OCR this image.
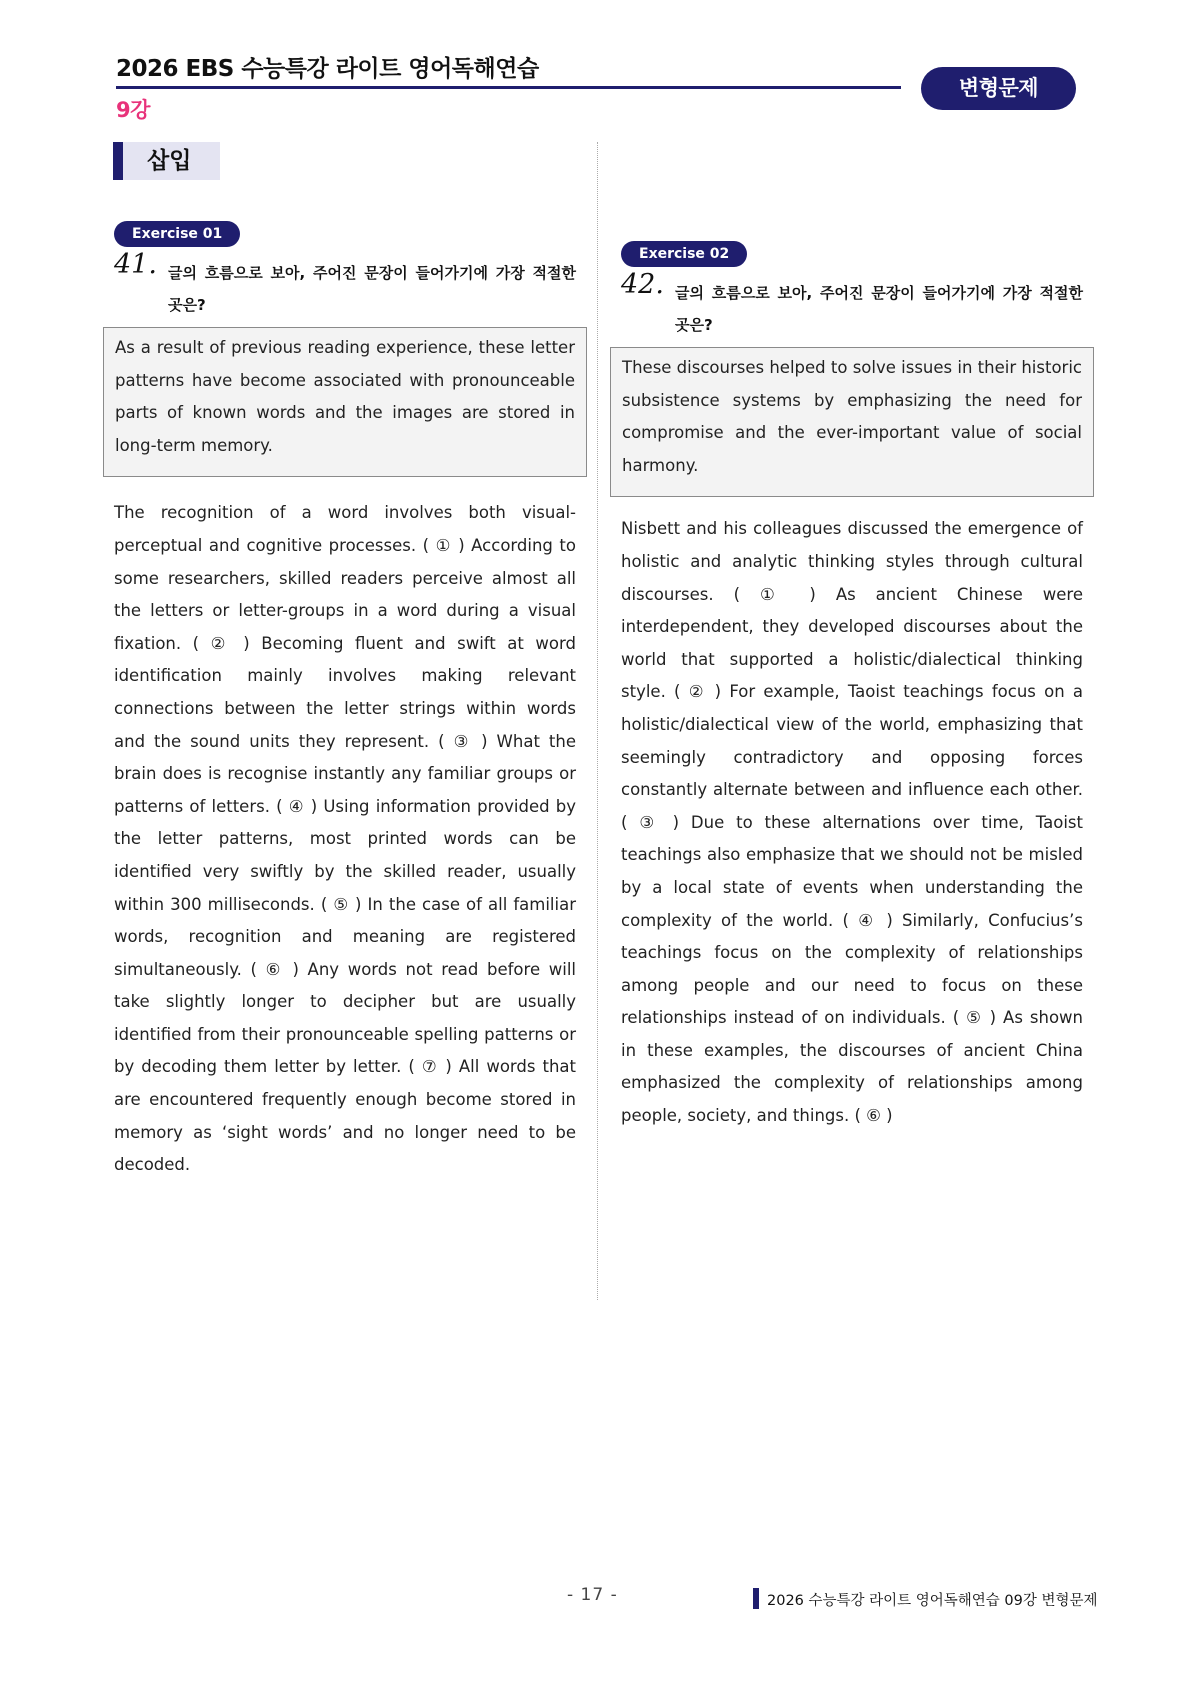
2026 EBS 수능특강 라이트 영어독해연습
9강
변형문제
삽입
Exercise 01
41. 글의 흐름으로 보아, 주어진 문장이 들어가기에 가장 적절한 곳은?
As a result of previous reading experience, these letter patterns have become associated with pronounceable parts of known words and the images are stored in long-term memory.
The recognition of a word involves both visual-perceptual and cognitive processes. ( ① ) According to some researchers, skilled readers perceive almost all the letters or letter-groups in a word during a visual fixation. ( ② ) Becoming fluent and swift at word identification mainly involves making relevant connections between the letter strings within words and the sound units they represent. ( ③ ) What the brain does is recognise instantly any familiar groups or patterns of letters. ( ④ ) Using information provided by the letter patterns, most printed words can be identified very swiftly by the skilled reader, usually within 300 milliseconds. ( ⑤ ) In the case of all familiar words, recognition and meaning are registered simultaneously. ( ⑥ ) Any words not read before will take slightly longer to decipher but are usually identified from their pronounceable spelling patterns or by decoding them letter by letter. ( ⑦ ) All words that are encountered frequently enough become stored in memory as ‘sight words’ and no longer need to be decoded.
Exercise 02
42. 글의 흐름으로 보아, 주어진 문장이 들어가기에 가장 적절한 곳은?
These discourses helped to solve issues in their historic subsistence systems by emphasizing the need for compromise and the ever-important value of social harmony.
Nisbett and his colleagues discussed the emergence of holistic and analytic thinking styles through cultural discourses. ( ① ) As ancient Chinese were interdependent, they developed discourses about the world that supported a holistic/dialectical thinking style. ( ② ) For example, Taoist teachings focus on a holistic/dialectical view of the world, emphasizing that seemingly contradictory and opposing forces constantly alternate between and influence each other. ( ③ ) Due to these alternations over time, Taoist teachings also emphasize that we should not be misled by a local state of events when understanding the complexity of the world. ( ④ ) Similarly, Confucius’s teachings focus on the complexity of relationships among people and our need to focus on these relationships instead of on individuals. ( ⑤ ) As shown in these examples, the discourses of ancient China emphasized the complexity of relationships among people, society, and things. ( ⑥ )
- 17 -	2026 수능특강 라이트 영어독해연습 09강 변형문제
